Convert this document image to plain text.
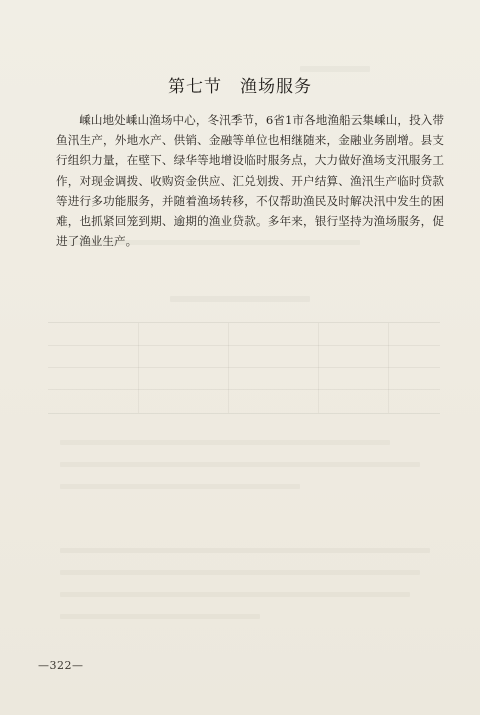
第七节　渔场服务

嵊山地处嵊山渔场中心，冬汛季节，6省1市各地渔船云集嵊山，投入带鱼汛生产，外地水产、供销、金融等单位也相继随来，金融业务剧增。县支行组织力量，在壁下、绿华等地增设临时服务点，大力做好渔场支汛服务工作，对现金调拨、收购资金供应、汇兑划拨、开户结算、渔汛生产临时贷款等进行多功能服务，并随着渔场转移，不仅帮助渔民及时解决汛中发生的困难，也抓紧回笼到期、逾期的渔业贷款。多年来，银行坚持为渔场服务，促进了渔业生产。

—322—
